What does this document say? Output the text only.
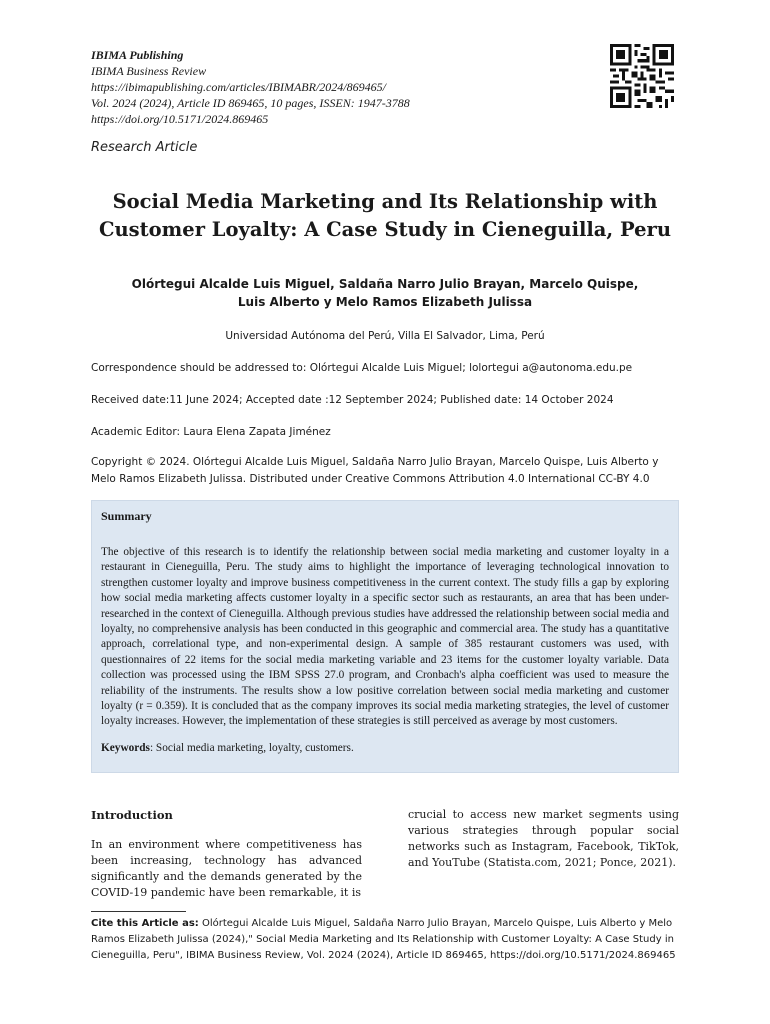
IBIMA Publishing
IBIMA Business Review
https://ibimapublishing.com/articles/IBIMABR/2024/869465/
Vol. 2024 (2024), Article ID 869465, 10 pages, ISSEN: 1947-3788
https://doi.org/10.5171/2024.869465
Research Article
Social Media Marketing and Its Relationship with
Customer Loyalty: A Case Study in Cieneguilla, Peru
Olórtegui Alcalde Luis Miguel, Saldaña Narro Julio Brayan, Marcelo Quispe,
Luis Alberto y Melo Ramos Elizabeth Julissa
Universidad Autónoma del Perú, Villa El Salvador, Lima, Perú
Correspondence should be addressed to: Olórtegui Alcalde Luis Miguel; lolortegui a@autonoma.edu.pe
Received date:11 June 2024; Accepted date :12 September 2024; Published date: 14 October 2024
Academic Editor: Laura Elena Zapata Jiménez
Copyright © 2024. Olórtegui Alcalde Luis Miguel, Saldaña Narro Julio Brayan, Marcelo Quispe, Luis Alberto y Melo Ramos Elizabeth Julissa. Distributed under Creative Commons Attribution 4.0 International CC-BY 4.0
Summary

The objective of this research is to identify the relationship between social media marketing and customer loyalty in a restaurant in Cieneguilla, Peru. The study aims to highlight the importance of leveraging technological innovation to strengthen customer loyalty and improve business competitiveness in the current context. The study fills a gap by exploring how social media marketing affects customer loyalty in a specific sector such as restaurants, an area that has been under-researched in the context of Cieneguilla. Although previous studies have addressed the relationship between social media and loyalty, no comprehensive analysis has been conducted in this geographic and commercial area. The study has a quantitative approach, correlational type, and non-experimental design. A sample of 385 restaurant customers was used, with questionnaires of 22 items for the social media marketing variable and 23 items for the customer loyalty variable. Data collection was processed using the IBM SPSS 27.0 program, and Cronbach's alpha coefficient was used to measure the reliability of the instruments. The results show a low positive correlation between social media marketing and customer loyalty (r = 0.359). It is concluded that as the company improves its social media marketing strategies, the level of customer loyalty increases. However, the implementation of these strategies is still perceived as average by most customers.

Keywords: Social media marketing, loyalty, customers.

Introduction

In an environment where competitiveness has been increasing, technology has advanced significantly and the demands generated by the COVID-19 pandemic have been remarkable, it is

crucial to access new market segments using various strategies through popular social networks such as Instagram, Facebook, TikTok, and YouTube (Statista.com, 2021; Ponce, 2021).

Cite this Article as: Olórtegui Alcalde Luis Miguel, Saldaña Narro Julio Brayan, Marcelo Quispe, Luis Alberto y Melo Ramos Elizabeth Julissa (2024)," Social Media Marketing and Its Relationship with Customer Loyalty: A Case Study in Cieneguilla, Peru", IBIMA Business Review, Vol. 2024 (2024), Article ID 869465, https://doi.org/10.5171/2024.869465
